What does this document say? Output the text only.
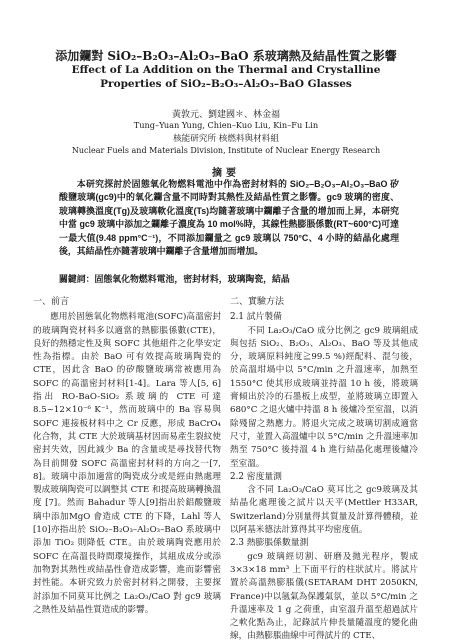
添加鑭對 SiO₂–B₂O₃–Al₂O₃–BaO 系玻璃熱及結晶性質之影響
Effect of La Addition on the Thermal and Crystalline Properties of SiO₂–B₂O₃–Al₂O₃–BaO Glasses
黃敦元、劉建國＊、林金福
Tung–Yuan Yung, Chien–Kuo Liu, Kin–Fu Lin
核能研究所 核燃料與材料組
Nuclear Fuels and Materials Division, Institute of Nuclear Energy Research
摘要

本研究探討於固態氧化物燃料電池中作為密封材料的 SiO₂–B₂O₃–Al₂O₃–BaO 矽酸鹽玻璃(gc9)中的氧化鑭含量不同時對其熱性及結晶性質之影響。gc9 玻璃的密度、玻璃轉換溫度(Tg)及玻璃軟化溫度(Ts)均隨著玻璃中鑭離子含量的增加而上昇，本研究中當 gc9 玻璃中添加之鑭離子濃度為 10 mol%時，其線性熱膨脹係數(RT~600°C)可達一最大值(9.48 ppm°C⁻¹)，不同添加鑭量之 gc9 玻璃以 750°C、4 小時的結晶化處理後，其結晶性亦隨著玻璃中鑭離子含量增加而增加。

關鍵詞：固態氧化物燃料電池，密封材料，玻璃陶瓷，結晶
一、前言

應用於固態氧化物燃料電池(SOFC)高溫密封的玻璃陶瓷材料多以適當的熱膨脹係數(CTE)，良好的熱穩定性及與 SOFC 其他組件之化學安定性為指標。由於 BaO 可有效提高玻璃陶瓷的 CTE，因此含 BaO 的矽酸鹽玻璃常被應用為 SOFC 的高溫密封材料[1-4]。Lara 等人[5, 6]指出 RO-BaO-SiO₂ 系玻璃的 CTE 可達 8.5~12×10⁻⁶ K⁻¹，然而玻璃中的 Ba 容易與 SOFC 連接板材料中之 Cr 反應，形成 BaCrO₄ 化合物，其 CTE 大於玻璃基材因而易產生裂紋使密封失效，因此減少 Ba 的含量或是尋找替代物為目前開發 SOFC 高溫密封材料的方向之一[7, 8]。玻璃中添加適當的陶瓷成分或是經由熱處理製成玻璃陶瓷可以調整其 CTE 和提高玻璃轉換溫度 [7]。然而 Bahadur 等人[9]指出於鋁酸鹽玻璃中添加MgO 會造成 CTE 的下降，Lahl 等人[10]亦指出於 SiO₂–B₂O₃–Al₂O₃–BaO 系玻璃中添加 TiO₂ 則降低 CTE。由於玻璃陶瓷應用於 SOFC 在高溫長時間環境操作，其組成成分或添加物對其熱性或結晶性會造成影響，進而影響密封性能。本研究致力於密封材料之開發，主要探討添加不同莫耳比例之 La₂O₃/CaO 對 gc9 玻璃之熱性及結晶性質造成的影響。

二、實驗方法
2.1 試片製備

不同 La₂O₃/CaO 成分比例之 gc9 玻璃組成與包括 SiO₂、B₂O₃、Al₂O₃、BaO 等及其他成分，玻璃原料純度≧99.5 %)經配料、混勻後，於高溫坩堝中以 5°C/min 之升溫速率，加熱至 1550°C 使其形成玻璃並持溫 10 h 後，將玻璃膏傾出於冷的石墨板上成型，並將玻璃立即置入 680°C 之退火爐中持溫 8 h 後爐冷至室溫，以消除殘留之熱應力。將退火完成之玻璃切割成適當尺寸，並置入高溫爐中以 5°C/min 之升溫速率加熱至 750°C 後持溫 4 h 進行結晶化處理後爐冷至室溫。

2.2 密度量測

含不同 La₂O₃/CaO 莫耳比之 gc9玻璃及其結晶化處理後之試片以天平(Mettler H33AR, Switzerland)分別量得其質量及計算得體積，並以阿基米德法計算得其平均密度值。

2.3 熱膨脹係數量測

gc9 玻璃經切割、研磨及拋光程序，製成 3×3×18 mm³ 上下面平行的柱狀試片。將試片置於高溫熱膨脹儀(SETARAM DHT 2050KN, France)中以氬氣為保護氣氛，並以 5°C/min 之升溫速率及 1 g 之荷重，由室溫升溫至超過試片之軟化點為止，記錄試片伸長量隨溫度的變化曲線，由熱膨脹曲線中可得試片的 CTE、
